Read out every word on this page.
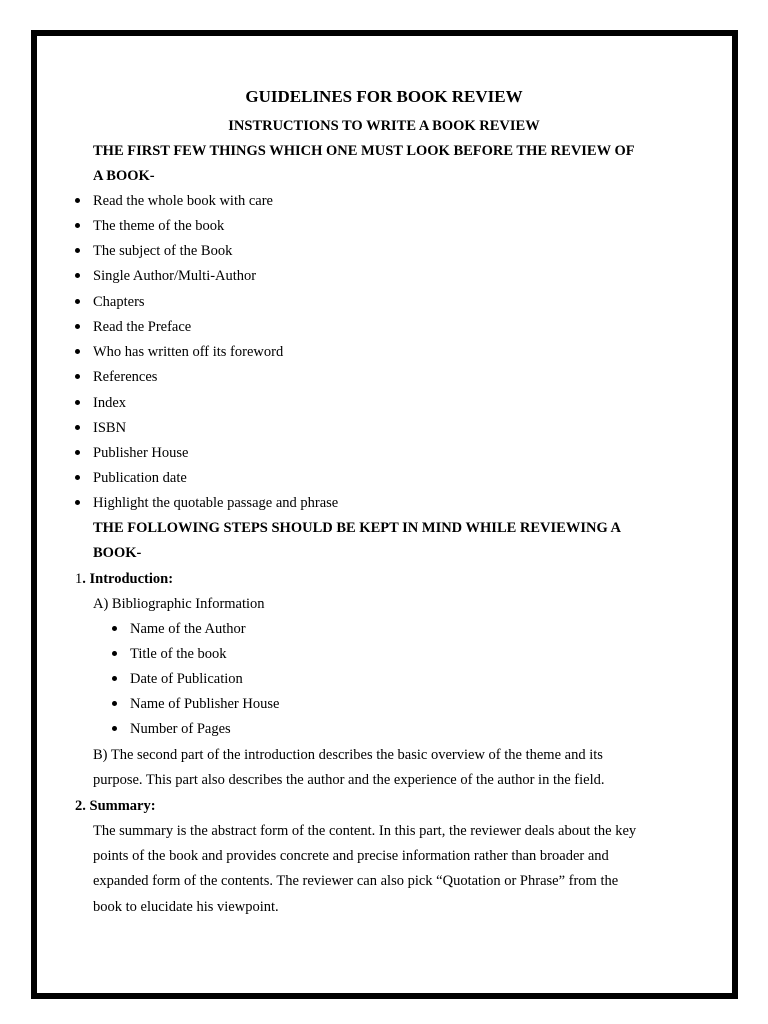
GUIDELINES FOR BOOK REVIEW
INSTRUCTIONS TO WRITE A BOOK REVIEW
THE FIRST FEW THINGS WHICH ONE MUST LOOK BEFORE THE REVIEW OF
A BOOK-
Read the whole book with care
The theme of the book
The subject of the Book
Single Author/Multi-Author
Chapters
Read the Preface
Who has written off its foreword
References
Index
ISBN
Publisher House
Publication date
Highlight the quotable passage and phrase
THE FOLLOWING STEPS SHOULD BE KEPT IN MIND WHILE REVIEWING A
BOOK-
1. Introduction:
A) Bibliographic Information
Name of the Author
Title of the book
Date of Publication
Name of Publisher House
Number of Pages
B) The second part of the introduction describes the basic overview of the theme and its
purpose. This part also describes the author and the experience of the author in the field.
2. Summary:
The summary is the abstract form of the content. In this part, the reviewer deals about the key
points of the book and provides concrete and precise information rather than broader and
expanded form of the contents. The reviewer can also pick “Quotation or Phrase” from the
book to elucidate his viewpoint.
